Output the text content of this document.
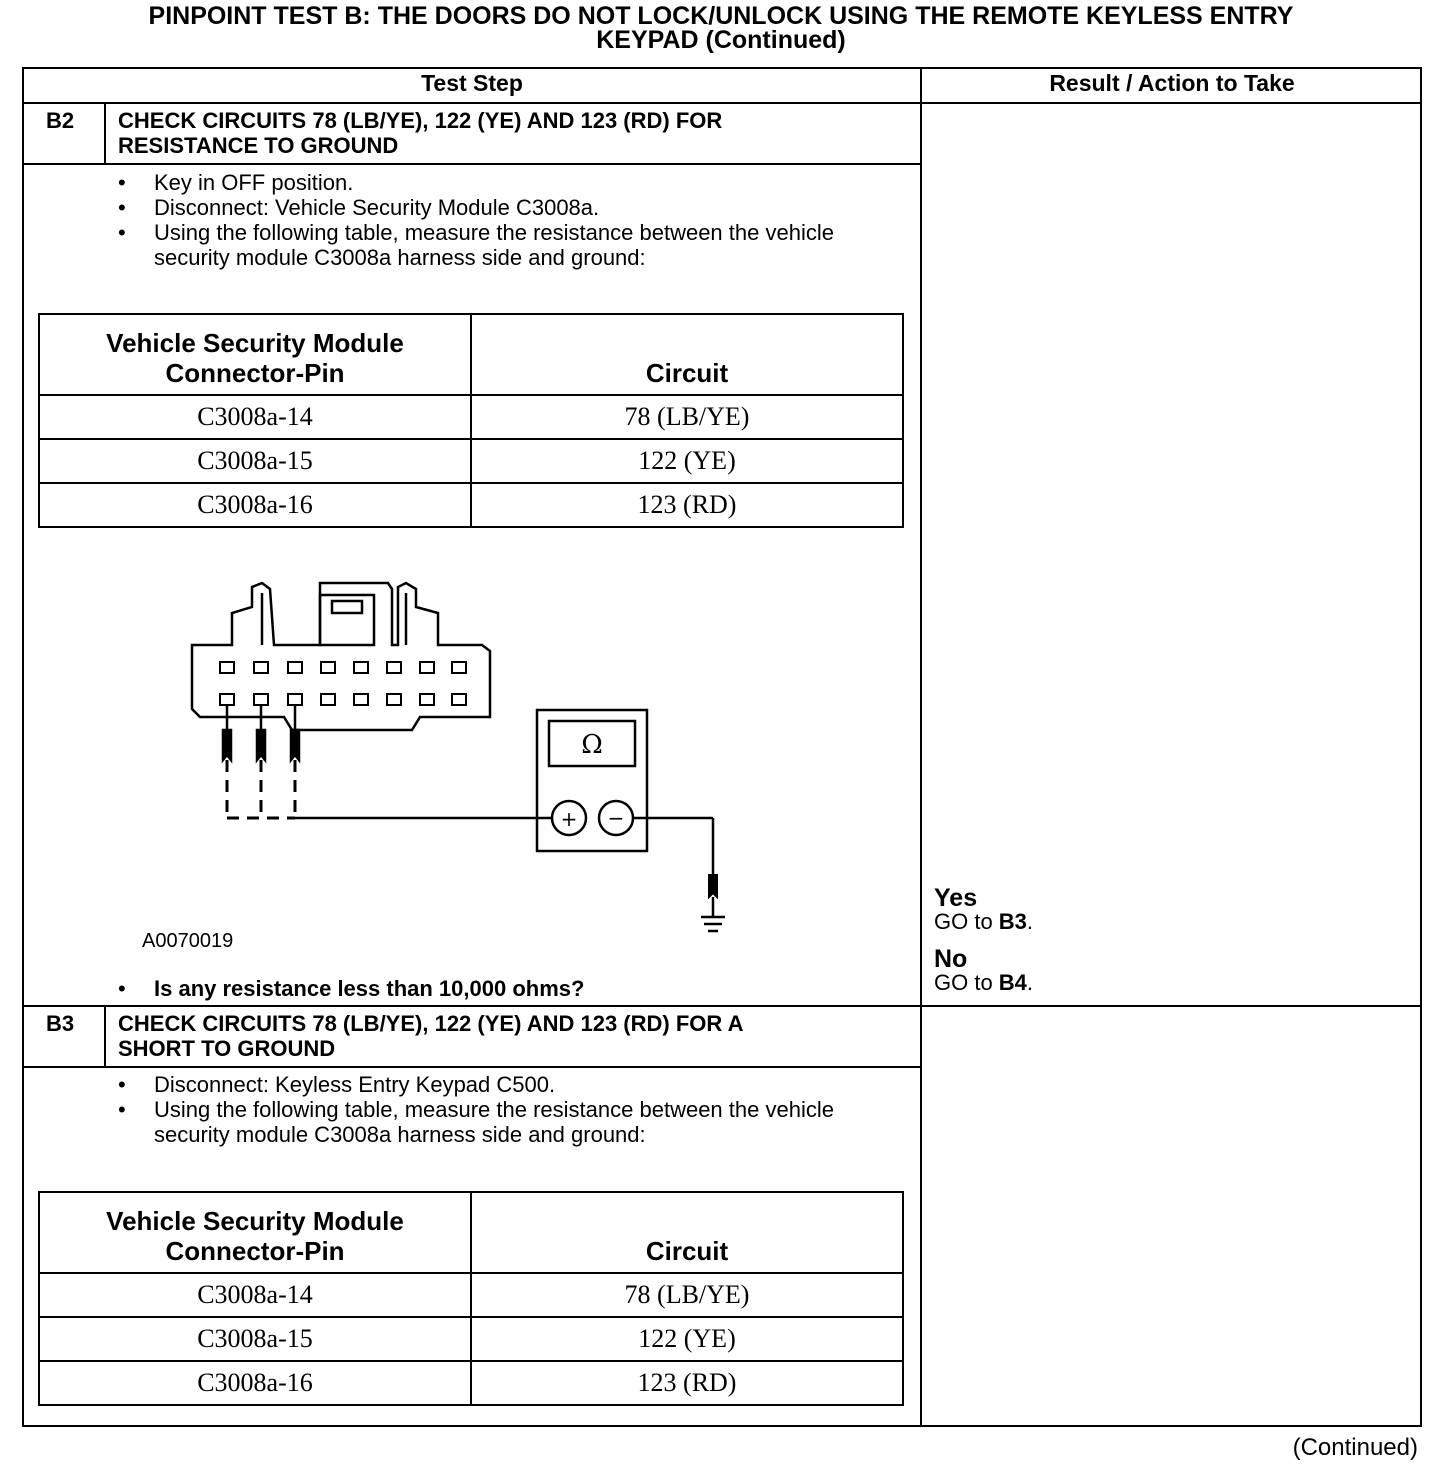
PINPOINT TEST B: THE DOORS DO NOT LOCK/UNLOCK USING THE REMOTE KEYLESS ENTRY
KEYPAD (Continued)
Test Step	Result / Action to Take
B2 CHECK CIRCUITS 78 (LB/YE), 122 (YE) AND 123 (RD) FOR
RESISTANCE TO GROUND
• Key in OFF position.
• Disconnect: Vehicle Security Module C3008a.
• Using the following table, measure the resistance between the vehicle security module C3008a harness side and ground:
Vehicle Security Module
Connector-Pin	Circuit
C3008a-14	78 (LB/YE)
C3008a-15	122 (YE)
C3008a-16	123 (RD)
Ω
+ −
A0070019
• Is any resistance less than 10,000 ohms?
Yes
GO to B3.
No
GO to B4.
B3 CHECK CIRCUITS 78 (LB/YE), 122 (YE) AND 123 (RD) FOR A
SHORT TO GROUND
• Disconnect: Keyless Entry Keypad C500.
• Using the following table, measure the resistance between the vehicle security module C3008a harness side and ground:
Vehicle Security Module
Connector-Pin	Circuit
C3008a-14	78 (LB/YE)
C3008a-15	122 (YE)
C3008a-16	123 (RD)
(Continued)
